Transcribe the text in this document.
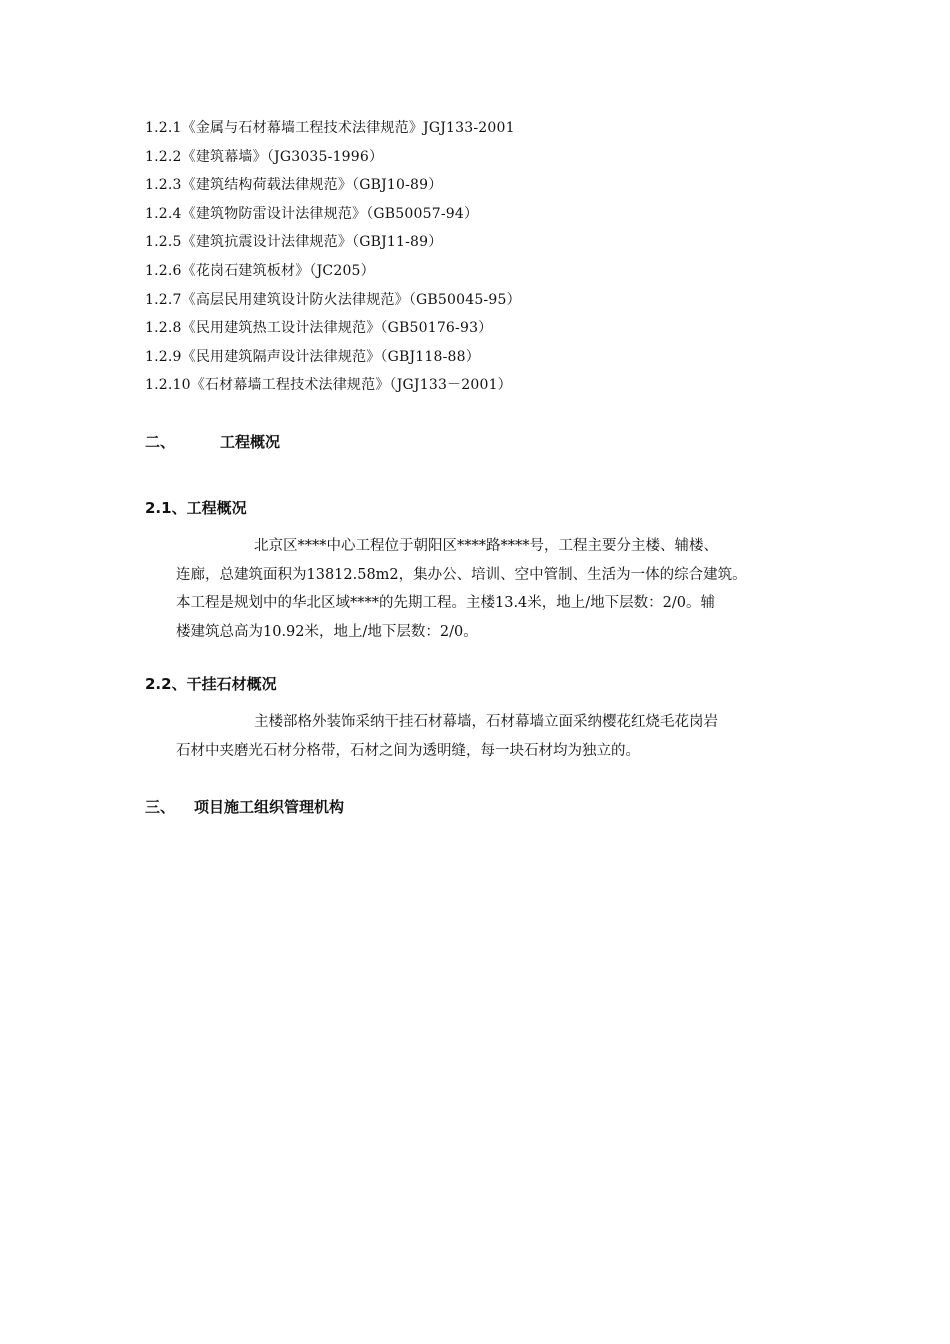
1.2.1《金属与石材幕墙工程技术法律规范》JGJ133-2001
1.2.2《建筑幕墙》（JG3035-1996）
1.2.3《建筑结构荷载法律规范》（GBJ10-89）
1.2.4《建筑物防雷设计法律规范》（GB50057-94）
1.2.5《建筑抗震设计法律规范》（GBJ11-89）
1.2.6《花岗石建筑板材》（JC205）
1.2.7《高层民用建筑设计防火法律规范》（GB50045-95）
1.2.8《民用建筑热工设计法律规范》（GB50176-93）
1.2.9《民用建筑隔声设计法律规范》（GBJ118-88）
1.2.10《石材幕墙工程技术法律规范》（JGJ133－2001）
二、	工程概况
2.1、工程概况
北京区****中心工程位于朝阳区****路****号，工程主要分主楼、辅楼、
连廊，总建筑面积为13812.58m2，集办公、培训、空中管制、生活为一体的综合建筑。
本工程是规划中的华北区域****的先期工程。主楼13.4米，地上/地下层数：2/0。辅
楼建筑总高为10.92米，地上/地下层数：2/0。
2.2、干挂石材概况
主楼部格外装饰采纳干挂石材幕墙，石材幕墙立面采纳樱花红烧毛花岗岩
石材中夹磨光石材分格带，石材之间为透明缝，每一块石材均为独立的。
三、 项目施工组织管理机构
